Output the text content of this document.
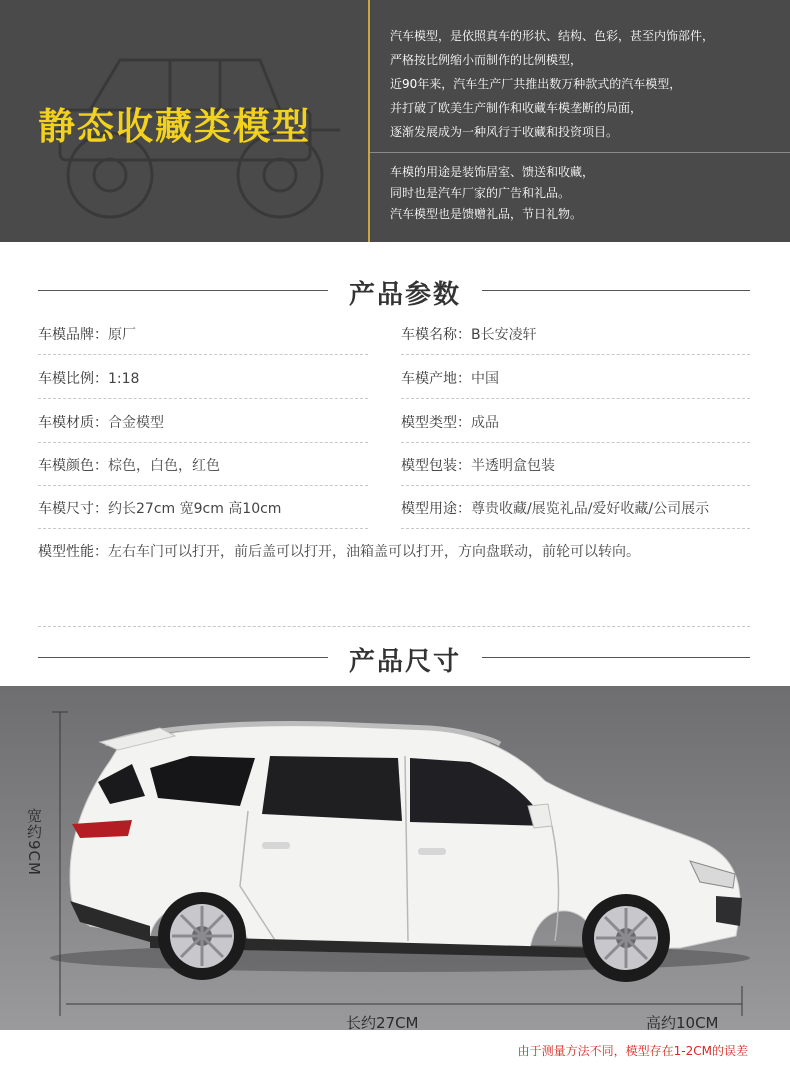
静态收藏类模型
汽车模型，是依照真车的形状、结构、色彩，甚至内饰部件，
严格按比例缩小而制作的比例模型，
近90年来，汽车生产厂共推出数万种款式的汽车模型，
并打破了欧美生产制作和收藏车模垄断的局面，
逐渐发展成为一种风行于收藏和投资项目。
车模的用途是装饰居室、馈送和收藏，
同时也是汽车厂家的广告和礼品。
汽车模型也是馈赠礼品，节日礼物。
产品参数
车模品牌：原厂	车模名称：B长安凌轩
车模比例：1:18	车模产地：中国
车模材质：合金模型	模型类型：成品
车模颜色：棕色，白色，红色	模型包装：半透明盒包装
车模尺寸：约长27cm 宽9cm 高10cm	模型用途：尊贵收藏/展览礼品/爱好收藏/公司展示
模型性能：左右车门可以打开，前后盖可以打开，油箱盖可以打开，方向盘联动，前轮可以转向。
产品尺寸
宽约9CM
长约27CM	高约10CM
由于测量方法不同，模型存在1-2CM的误差
